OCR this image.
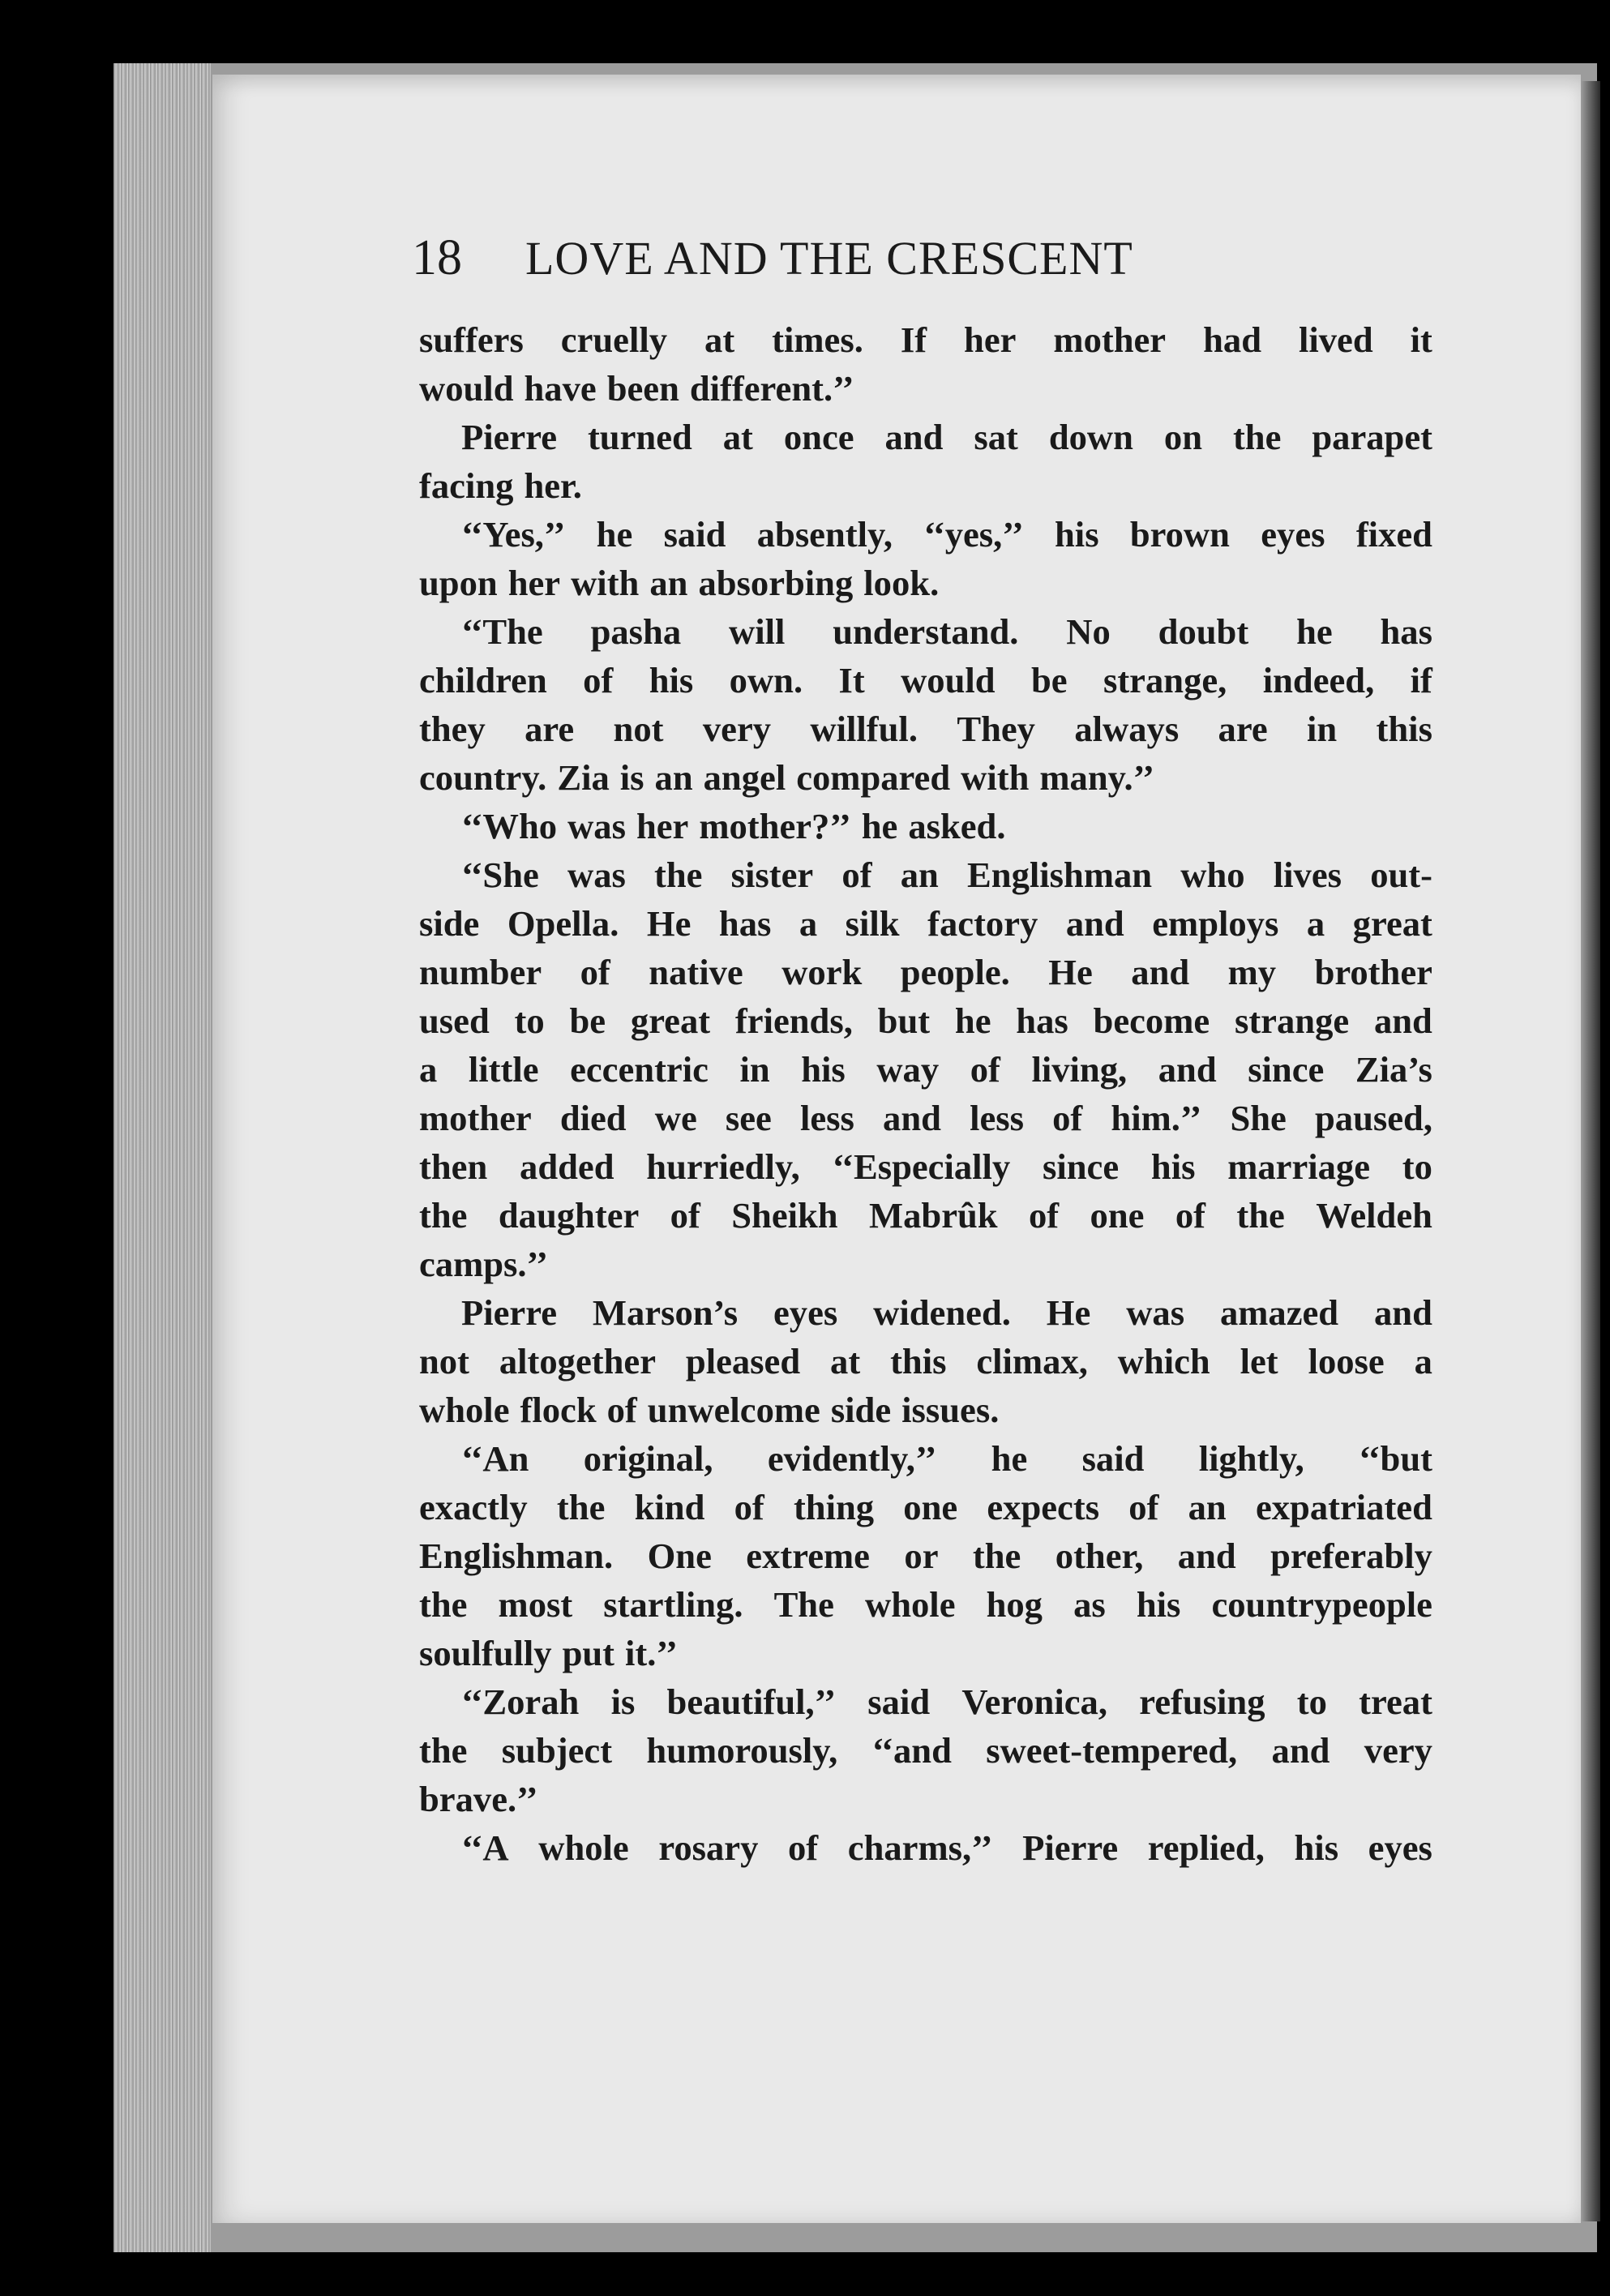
18	LOVE AND THE CRESCENT
suffers cruelly at times. If her mother had lived it
would have been different.’’
Pierre turned at once and sat down on the parapet
facing her.
‘‘Yes,’’ he said absently, ‘‘yes,’’ his brown eyes fixed
upon her with an absorbing look.
‘‘The pasha will understand. No doubt he has
children of his own. It would be strange, indeed, if
they are not very willful. They always are in this
country. Zia is an angel compared with many.’’
‘‘Who was her mother?’’ he asked.
‘‘She was the sister of an Englishman who lives out-
side Opella. He has a silk factory and employs a great
number of native work people. He and my brother
used to be great friends, but he has become strange and
a little eccentric in his way of living, and since Zia’s
mother died we see less and less of him.’’ She paused,
then added hurriedly, ‘‘Especially since his marriage to
the daughter of Sheikh Mabrûk of one of the Weldeh
camps.’’
Pierre Marson’s eyes widened. He was amazed and
not altogether pleased at this climax, which let loose a
whole flock of unwelcome side issues.
‘‘An original, evidently,’’ he said lightly, ‘‘but
exactly the kind of thing one expects of an expatriated
Englishman. One extreme or the other, and preferably
the most startling. The whole hog as his countrypeople
soulfully put it.’’
‘‘Zorah is beautiful,’’ said Veronica, refusing to treat
the subject humorously, ‘‘and sweet-tempered, and very
brave.’’
‘‘A whole rosary of charms,’’ Pierre replied, his eyes
